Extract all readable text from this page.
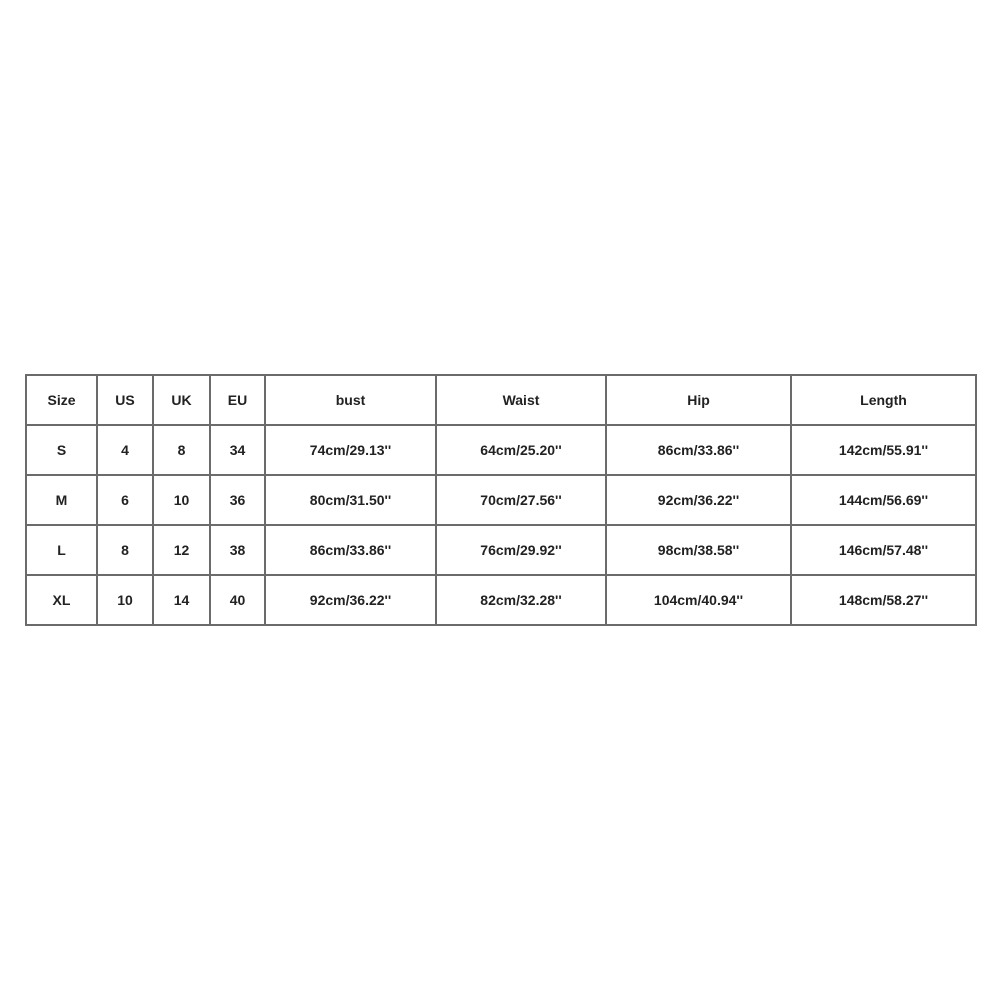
Size	US	UK	EU	bust	Waist	Hip	Length
S	4	8	34	74cm/29.13''	64cm/25.20''	86cm/33.86''	142cm/55.91''
M	6	10	36	80cm/31.50''	70cm/27.56''	92cm/36.22''	144cm/56.69''
L	8	12	38	86cm/33.86''	76cm/29.92''	98cm/38.58''	146cm/57.48''
XL	10	14	40	92cm/36.22''	82cm/32.28''	104cm/40.94''	148cm/58.27''
